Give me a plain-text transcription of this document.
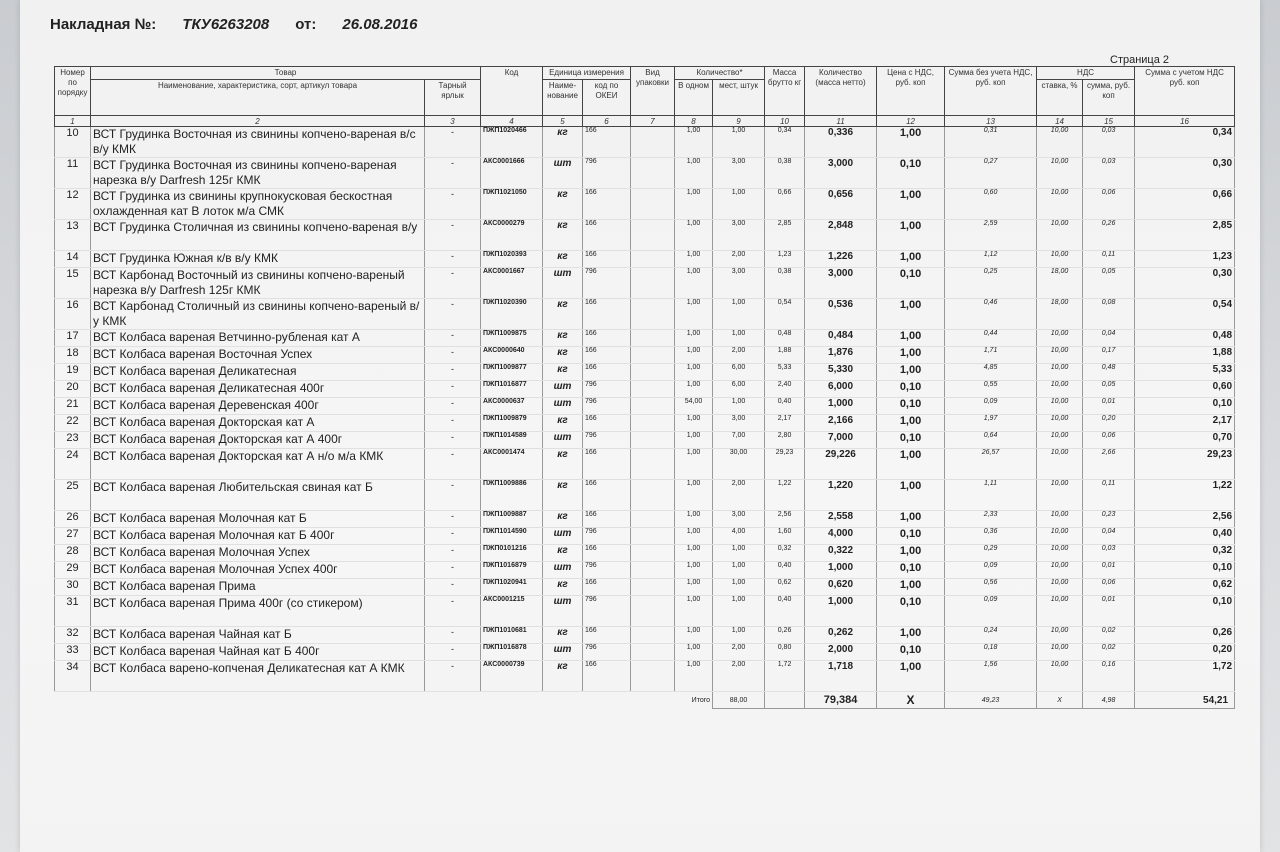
Накладная №: ТКУ6263208 от: 26.08.2016
Страница 2
Номер по порядку	Товар		Код	Единица измерения		Вид упаковки	Количество*		Масса брутто кг	Количество (масса нетто)	Цена с НДС, руб. коп	Сумма без учета НДС, руб. коп	НДС		Сумма с учетом НДС руб. коп
	Наименование, характеристика, сорт, артикул товара	Тарный ярлык		Наиме-нование	код по ОКЕИ		В одном	мест, штук					ставка, %	сумма, руб. коп	
1	2	3	4	5	6	7	8	9	10	11	12	13	14	15	16
10	ВСТ Грудинка Восточная из свинины копчено-вареная в/с в/у КМК	-	ПЖП1020466	кг	166		1,00	1,00	0,34	0,336	1,00	0,31	10,00	0,03	0,34
11	ВСТ Грудинка Восточная из свинины копчено-вареная нарезка в/у Darfresh 125г КМК	-	АКС0001666	шт	796		1,00	3,00	0,38	3,000	0,10	0,27	10,00	0,03	0,30
12	ВСТ Грудинка из свинины крупнокусковая бескостная охлажденная кат В лоток м/а СМК	-	ПЖП1021050	кг	166		1,00	1,00	0,66	0,656	1,00	0,60	10,00	0,06	0,66
13	ВСТ Грудинка Столичная из свинины копчено-вареная в/у	-	АКС0000279	кг	166		1,00	3,00	2,85	2,848	1,00	2,59	10,00	0,26	2,85
14	ВСТ Грудинка Южная к/в в/у КМК	-	ПЖП1020393	кг	166		1,00	2,00	1,23	1,226	1,00	1,12	10,00	0,11	1,23
15	ВСТ Карбонад Восточный из свинины копчено-вареный нарезка в/у Darfresh 125г КМК	-	АКС0001667	шт	796		1,00	3,00	0,38	3,000	0,10	0,25	18,00	0,05	0,30
16	ВСТ Карбонад Столичный из свинины копчено-вареный в/у КМК	-	ПЖП1020390	кг	166		1,00	1,00	0,54	0,536	1,00	0,46	18,00	0,08	0,54
17	ВСТ Колбаса вареная Ветчинно-рубленая кат А	-	ПЖП1009875	кг	166		1,00	1,00	0,48	0,484	1,00	0,44	10,00	0,04	0,48
18	ВСТ Колбаса вареная Восточная Успех	-	АКС0000640	кг	166		1,00	2,00	1,88	1,876	1,00	1,71	10,00	0,17	1,88
19	ВСТ Колбаса вареная Деликатесная	-	ПЖП1009877	кг	166		1,00	6,00	5,33	5,330	1,00	4,85	10,00	0,48	5,33
20	ВСТ Колбаса вареная Деликатесная 400г	-	ПЖП1016877	шт	796		1,00	6,00	2,40	6,000	0,10	0,55	10,00	0,05	0,60
21	ВСТ Колбаса вареная Деревенская 400г	-	АКС0000637	шт	796		54,00	1,00	0,40	1,000	0,10	0,09	10,00	0,01	0,10
22	ВСТ Колбаса вареная Докторская кат А	-	ПЖП1009879	кг	166		1,00	3,00	2,17	2,166	1,00	1,97	10,00	0,20	2,17
23	ВСТ Колбаса вареная Докторская кат А 400г	-	ПЖП1014589	шт	796		1,00	7,00	2,80	7,000	0,10	0,64	10,00	0,06	0,70
24	ВСТ Колбаса вареная Докторская кат А н/о м/а КМК	-	АКС0001474	кг	166		1,00	30,00	29,23	29,226	1,00	26,57	10,00	2,66	29,23
25	ВСТ Колбаса вареная Любительская свиная кат Б	-	ПЖП1009886	кг	166		1,00	2,00	1,22	1,220	1,00	1,11	10,00	0,11	1,22
26	ВСТ Колбаса вареная Молочная кат Б	-	ПЖП1009887	кг	166		1,00	3,00	2,56	2,558	1,00	2,33	10,00	0,23	2,56
27	ВСТ Колбаса вареная Молочная кат Б 400г	-	ПЖП1014590	шт	796		1,00	4,00	1,60	4,000	0,10	0,36	10,00	0,04	0,40
28	ВСТ Колбаса вареная Молочная Успех	-	ПЖП0101216	кг	166		1,00	1,00	0,32	0,322	1,00	0,29	10,00	0,03	0,32
29	ВСТ Колбаса вареная Молочная Успех 400г	-	ПЖП1016879	шт	796		1,00	1,00	0,40	1,000	0,10	0,09	10,00	0,01	0,10
30	ВСТ Колбаса вареная Прима	-	ПЖП1020941	кг	166		1,00	1,00	0,62	0,620	1,00	0,56	10,00	0,06	0,62
31	ВСТ Колбаса вареная Прима 400г (со стикером)	-	АКС0001215	шт	796		1,00	1,00	0,40	1,000	0,10	0,09	10,00	0,01	0,10
32	ВСТ Колбаса вареная Чайная кат Б	-	ПЖП1010681	кг	166		1,00	1,00	0,26	0,262	1,00	0,24	10,00	0,02	0,26
33	ВСТ Колбаса вареная Чайная кат Б 400г	-	ПЖП1016878	шт	796		1,00	2,00	0,80	2,000	0,10	0,18	10,00	0,02	0,20
34	ВСТ Колбаса варено-копченая Деликатесная кат А КМК	-	АКС0000739	кг	166		1,00	2,00	1,72	1,718	1,00	1,56	10,00	0,16	1,72
						Итого		88,00		79,384	X	49,23	X	4,98	54,21
